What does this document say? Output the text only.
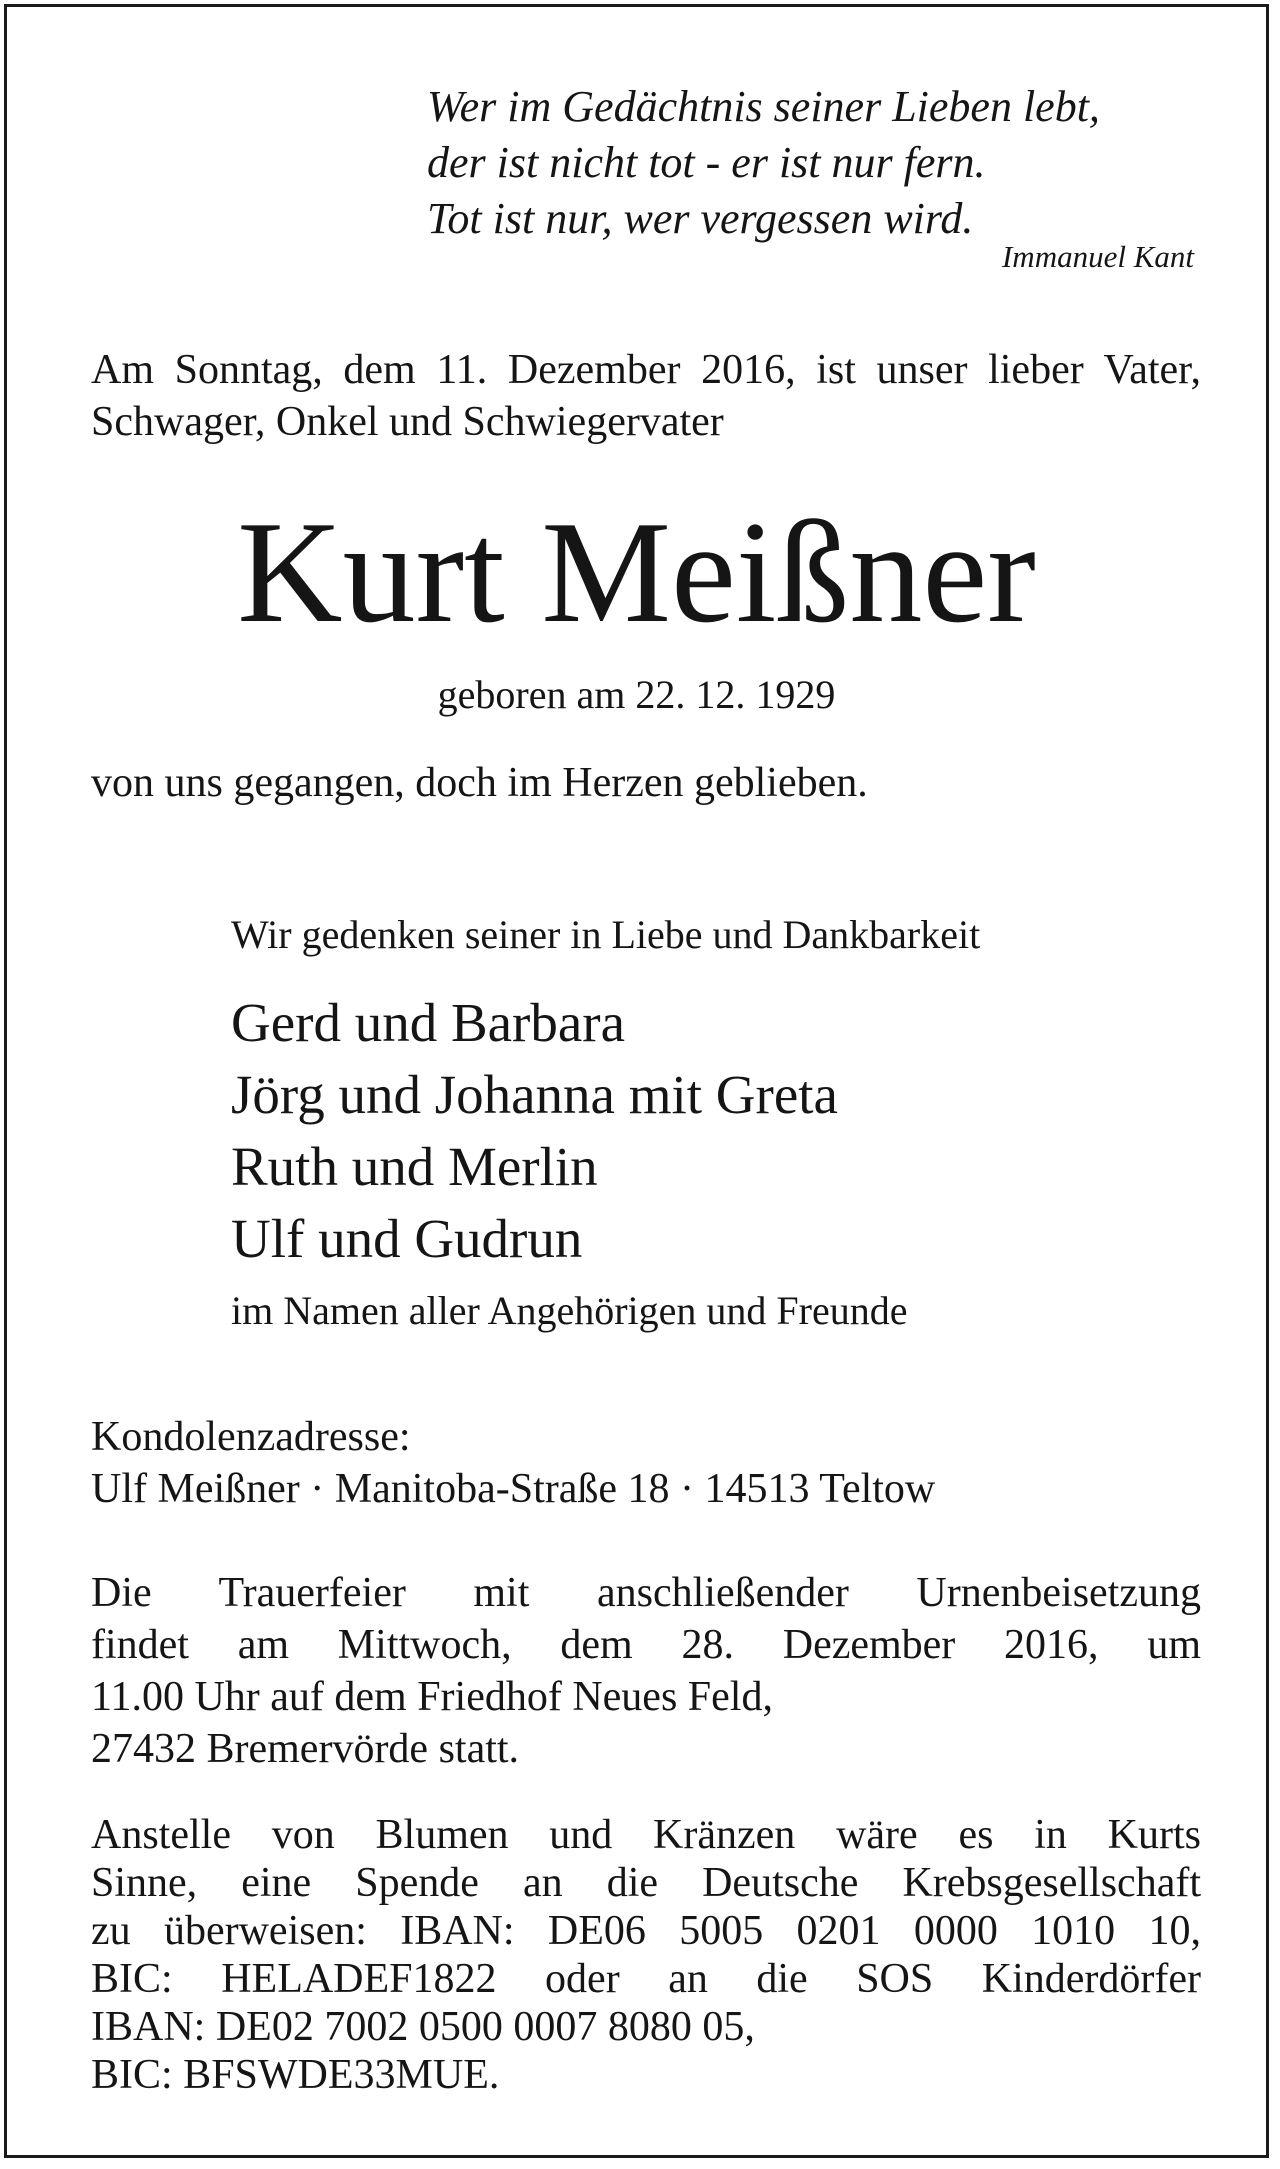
Wer im Gedächtnis seiner Lieben lebt,
der ist nicht tot - er ist nur fern.
Tot ist nur, wer vergessen wird.
Immanuel Kant
Am Sonntag, dem 11. Dezember 2016, ist unser lieber Vater, Schwager, Onkel und Schwiegervater
Kurt Meißner
geboren am 22. 12. 1929
von uns gegangen, doch im Herzen geblieben.
Wir gedenken seiner in Liebe und Dankbarkeit
Gerd und Barbara
Jörg und Johanna mit Greta
Ruth und Merlin
Ulf und Gudrun
im Namen aller Angehörigen und Freunde
Kondolenzadresse:
Ulf Meißner · Manitoba-Straße 18 · 14513 Teltow
Die Trauerfeier mit anschließender Urnenbeisetzung
findet am Mittwoch, dem 28. Dezember 2016, um
11.00 Uhr auf dem Friedhof Neues Feld,
27432 Bremervörde statt.
Anstelle von Blumen und Kränzen wäre es in Kurts
Sinne, eine Spende an die Deutsche Krebsgesellschaft
zu überweisen: IBAN: DE06 5005 0201 0000 1010 10,
BIC: HELADEF1822 oder an die SOS Kinderdörfer
IBAN: DE02 7002 0500 0007 8080 05,
BIC: BFSWDE33MUE.
